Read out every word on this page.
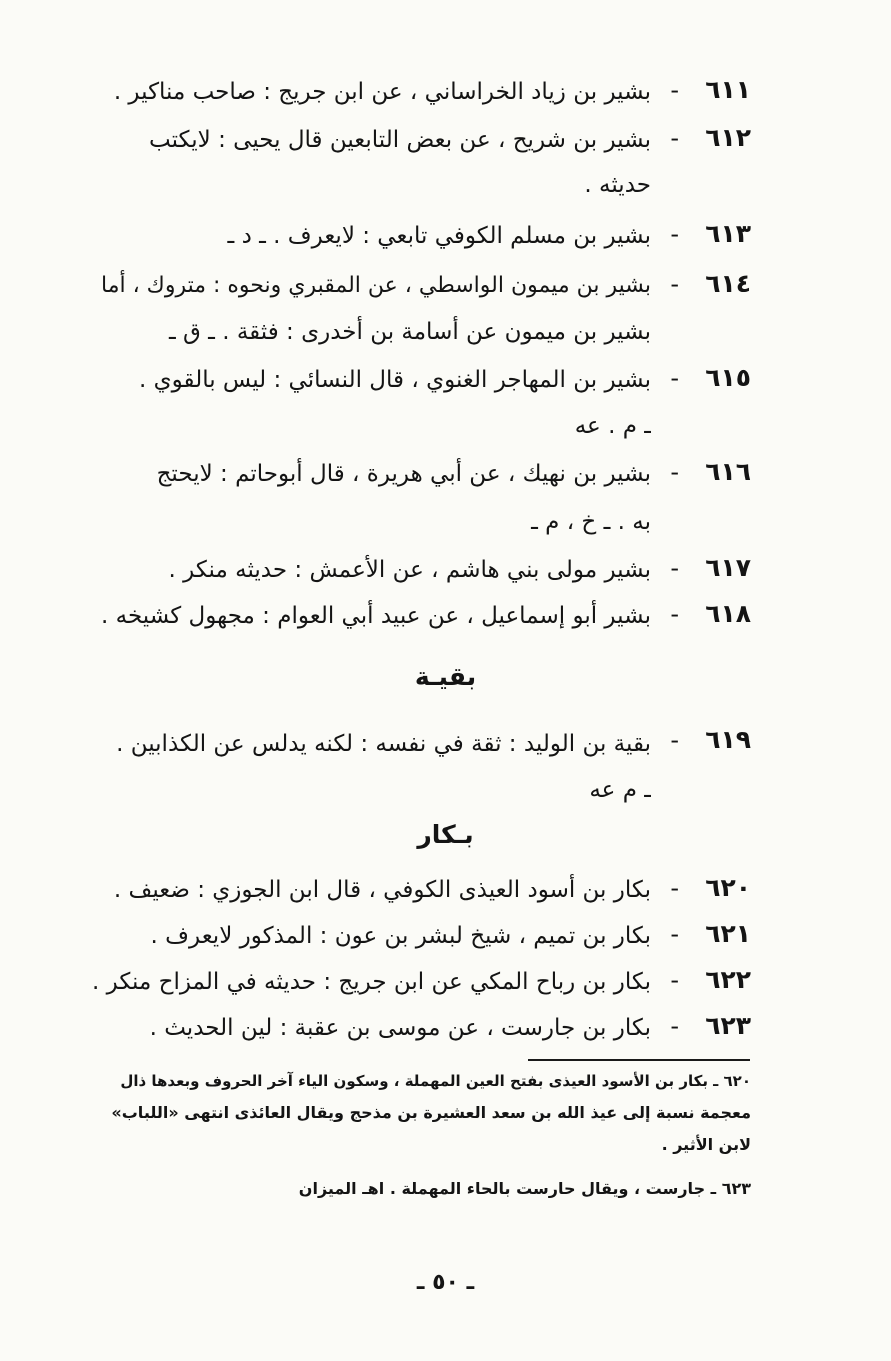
٦١١
-
بشير بن زياد الخراساني ، عن ابن جريج : صاحب مناكير .
٦١٢
-
بشير بن شريح ، عن بعض التابعين قال يحيى : لايكتب
حديثه .
٦١٣
-
بشير بن مسلم الكوفي تابعي : لايعرف . ـ د ـ
٦١٤
-
بشير بن ميمون الواسطي ، عن المقبري ونحوه : متروك ، أما
بشير بن ميمون عن أسامة بن أخدرى : فثقة . ـ ق ـ
٦١٥
-
بشير بن المهاجر الغنوي ، قال النسائي : ليس بالقوي .
ـ م . عه
٦١٦
-
بشير بن نهيك ، عن أبي هريرة ، قال أبوحاتم : لايحتج
به . ـ خ ، م ـ
٦١٧
-
بشير مولى بني هاشم ، عن الأعمش : حديثه منكر .
٦١٨
-
بشير أبو إسماعيل ، عن عبيد أبي العوام : مجهول كشيخه .
بقيـة
٦١٩
-
بقية بن الوليد : ثقة في نفسه : لكنه يدلس عن الكذابين .
ـ م عه
بـكار
٦٢٠
-
بكار بن أسود العيذى الكوفي ، قال ابن الجوزي : ضعيف .
٦٢١
-
بكار بن تميم ، شيخ لبشر بن عون : المذكور لايعرف .
٦٢٢
-
بكار بن رباح المكي عن ابن جريج : حديثه في المزاح منكر .
٦٢٣
-
بكار بن جارست ، عن موسى بن عقبة : لين الحديث .
٦٢٠ ـ بكار بن الأسود العيذى بفتح العين المهملة ، وسكون الياء آخر الحروف وبعدها ذال
معجمة نسبة إلى عيذ الله بن سعد العشيرة بن مذحج ويقال العائذى انتهى «اللباب»
لابن الأثير .
٦٢٣ ـ جارست ، ويقال حارست بالحاء المهملة . اهـ الميزان
ـ ٥٠ ـ
